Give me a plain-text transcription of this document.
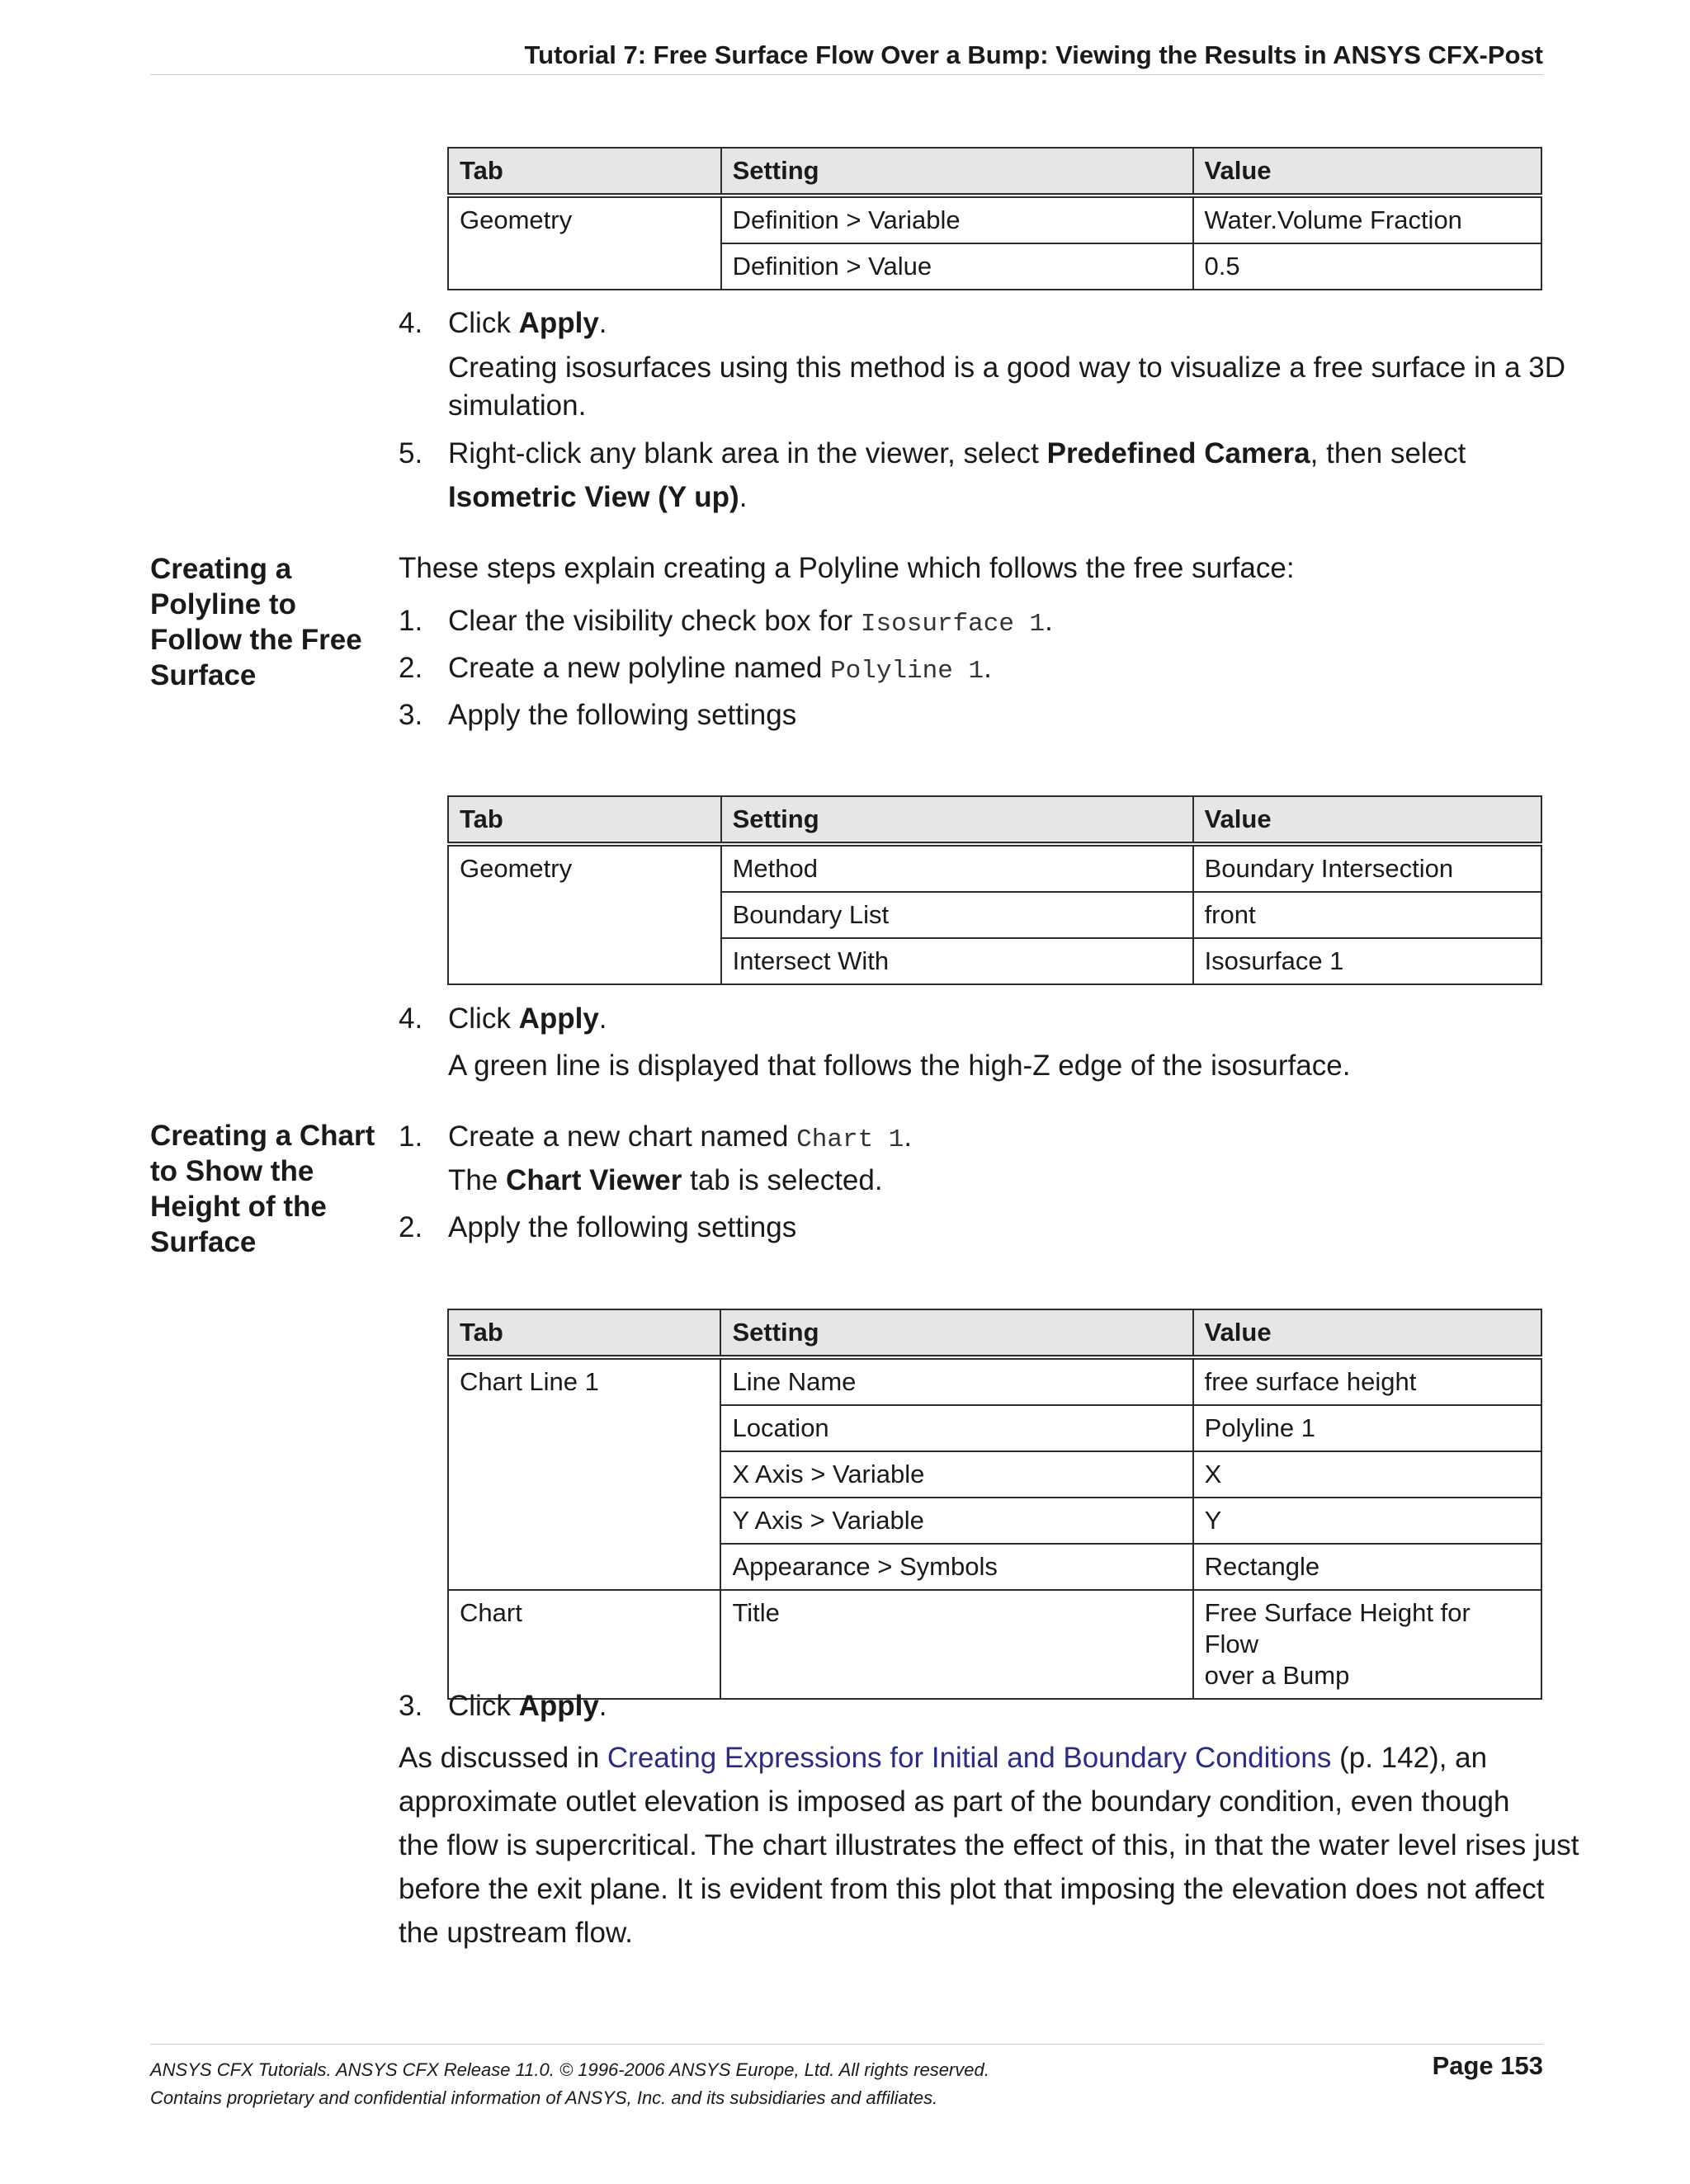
Tutorial 7: Free Surface Flow Over a Bump: Viewing the Results in ANSYS CFX-Post
Tab	Setting	Value
Geometry	Definition > Variable	Water.Volume Fraction
	Definition > Value	0.5
4. Click Apply.
Creating isosurfaces using this method is a good way to visualize a free surface in a 3D
simulation.
5. Right-click any blank area in the viewer, select Predefined Camera, then select
Isometric View (Y up).
Creating a
Polyline to
Follow the Free
Surface
These steps explain creating a Polyline which follows the free surface:
1. Clear the visibility check box for Isosurface 1.
2. Create a new polyline named Polyline 1.
3. Apply the following settings
Tab	Setting	Value
Geometry	Method	Boundary Intersection
	Boundary List	front
	Intersect With	Isosurface 1
4. Click Apply.
A green line is displayed that follows the high-Z edge of the isosurface.
Creating a Chart
to Show the
Height of the
Surface
1. Create a new chart named Chart 1.
The Chart Viewer tab is selected.
2. Apply the following settings
Tab	Setting	Value
Chart Line 1	Line Name	free surface height
	Location	Polyline 1
	X Axis > Variable	X
	Y Axis > Variable	Y
	Appearance > Symbols	Rectangle
Chart	Title	Free Surface Height for Flow
over a Bump
3. Click Apply.
As discussed in Creating Expressions for Initial and Boundary Conditions (p. 142), an
approximate outlet elevation is imposed as part of the boundary condition, even though
the flow is supercritical. The chart illustrates the effect of this, in that the water level rises just
before the exit plane. It is evident from this plot that imposing the elevation does not affect
the upstream flow.
ANSYS CFX Tutorials. ANSYS CFX Release 11.0. © 1996-2006 ANSYS Europe, Ltd. All rights reserved.
Contains proprietary and confidential information of ANSYS, Inc. and its subsidiaries and affiliates.
Page 153
